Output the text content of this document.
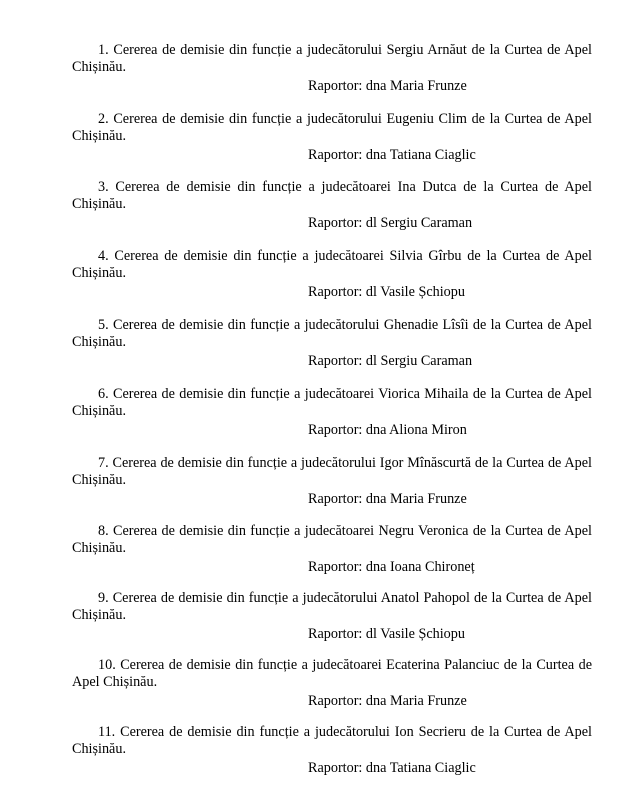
1. Cererea de demisie din funcție a judecătorului Sergiu Arnăut de la Curtea de Apel Chișinău.

Raportor: dna Maria Frunze

2. Cererea de demisie din funcție a judecătorului Eugeniu Clim de la Curtea de Apel Chișinău.

Raportor: dna Tatiana Ciaglic

3. Cererea de demisie din funcție a judecătoarei Ina Dutca de la Curtea de Apel Chișinău.

Raportor: dl Sergiu Caraman

4. Cererea de demisie din funcție a judecătoarei Silvia Gîrbu de la Curtea de Apel Chișinău.

Raportor: dl Vasile Șchiopu

5. Cererea de demisie din funcție a judecătorului Ghenadie Lîsîi de la Curtea de Apel Chișinău.

Raportor: dl Sergiu Caraman

6. Cererea de demisie din funcție a judecătoarei Viorica Mihaila de la Curtea de Apel Chișinău.

Raportor: dna Aliona Miron

7. Cererea de demisie din funcție a judecătorului Igor Mînăscurtă de la Curtea de Apel Chișinău.

Raportor: dna Maria Frunze

8. Cererea de demisie din funcție a judecătoarei Negru Veronica de la Curtea de Apel Chișinău.

Raportor: dna Ioana Chironeț

9. Cererea de demisie din funcție a judecătorului Anatol Pahopol de la Curtea de Apel Chișinău.

Raportor: dl Vasile Șchiopu

10. Cererea de demisie din funcție a judecătoarei Ecaterina Palanciuc de la Curtea de Apel Chișinău.

Raportor: dna Maria Frunze

11. Cererea de demisie din funcție a judecătorului Ion Secrieru de la Curtea de Apel Chișinău.

Raportor: dna Tatiana Ciaglic
